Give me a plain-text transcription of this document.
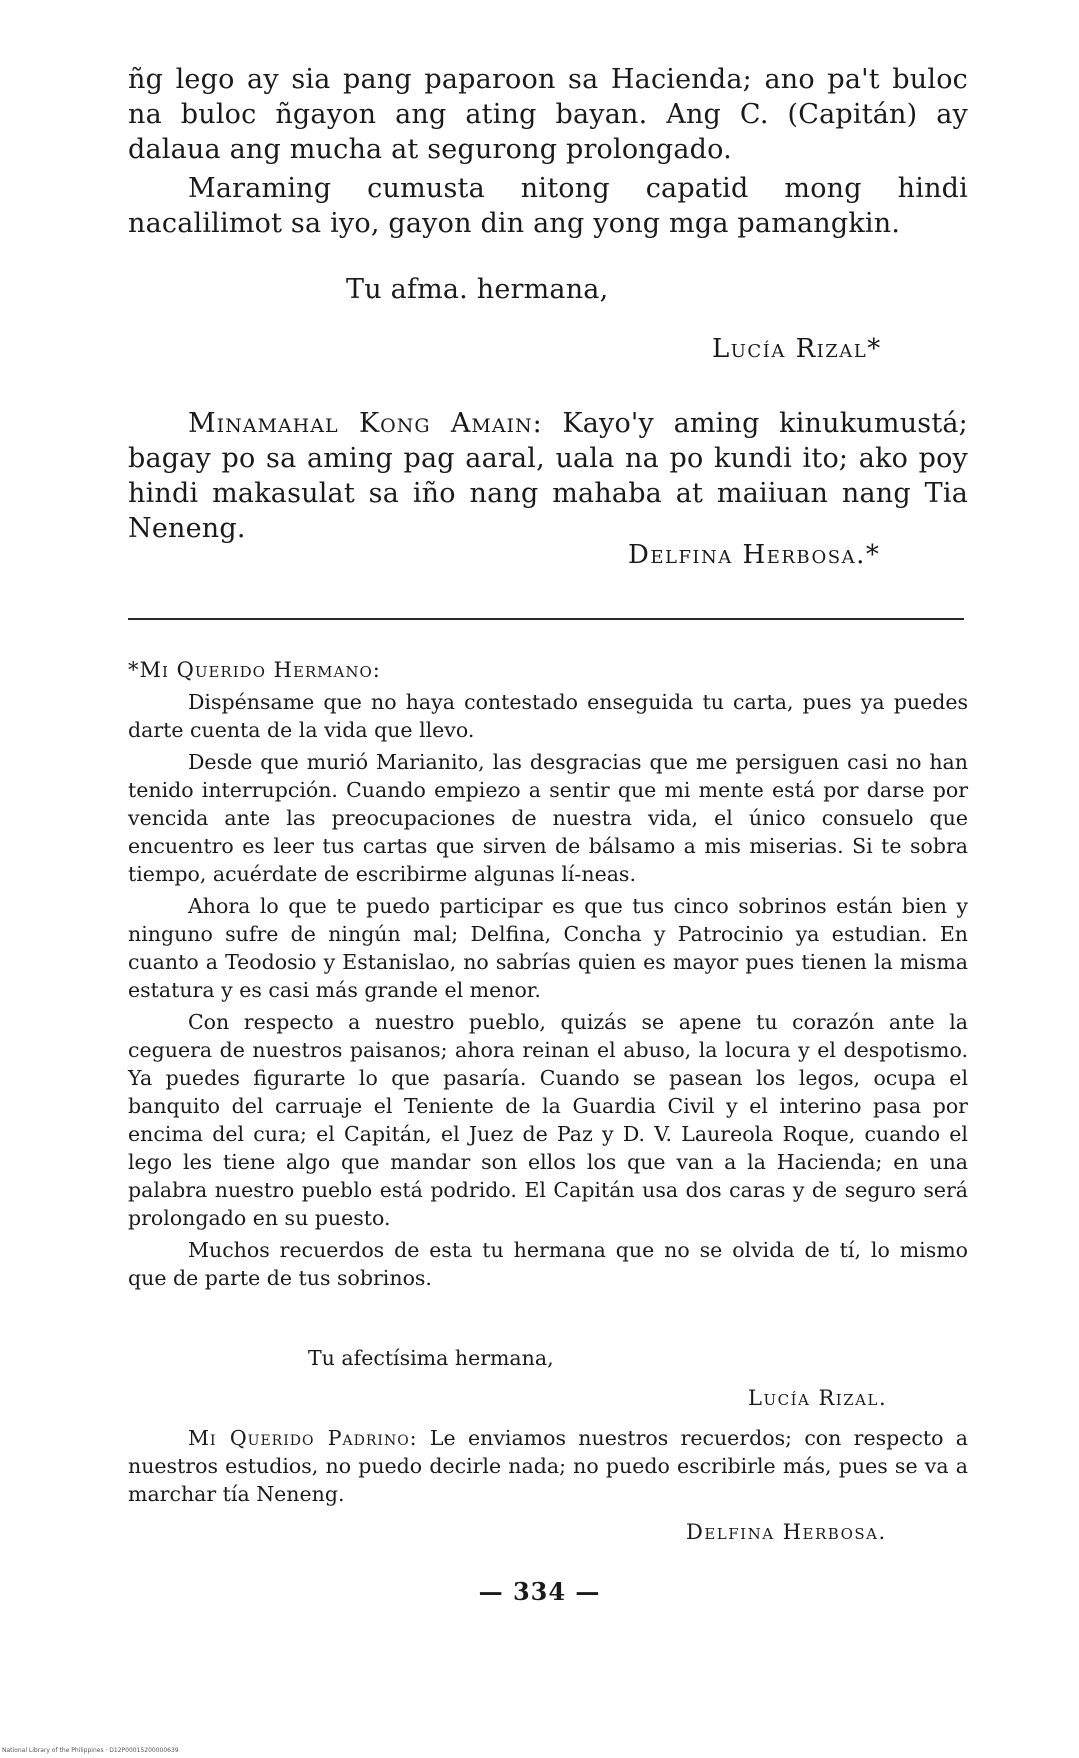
ñg lego ay sia pang paparoon sa Hacienda; ano pa't buloc na buloc ñgayon ang ating bayan. Ang C. (Capitán) ay dalaua ang mucha at segurong prolongado.

Maraming cumusta nitong capatid mong hindi nacalilimot sa iyo, gayon din ang yong mga pamangkin.

Tu afma. hermana,
Lucía Rizal*

Minamahal Kong Amain: Kayo'y aming kinukumustá; bagay po sa aming pag aaral, uala na po kundi ito; ako poy hindi makasulat sa iño nang mahaba at maiiuan nang Tia Neneng.

Delfina Herbosa.*

*Mi Querido Hermano:

Dispénsame que no haya contestado enseguida tu carta, pues ya puedes darte cuenta de la vida que llevo.

Desde que murió Marianito, las desgracias que me persiguen casi no han tenido interrupción. Cuando empiezo a sentir que mi mente está por darse por vencida ante las preocupaciones de nuestra vida, el único consuelo que encuentro es leer tus cartas que sirven de bálsamo a mis miserias. Si te sobra tiempo, acuérdate de escribirme algunas lí-neas.

Ahora lo que te puedo participar es que tus cinco sobrinos están bien y ninguno sufre de ningún mal; Delfina, Concha y Patrocinio ya estudian. En cuanto a Teodosio y Estanislao, no sabrías quien es mayor pues tienen la misma estatura y es casi más grande el menor.

Con respecto a nuestro pueblo, quizás se apene tu corazón ante la ceguera de nuestros paisanos; ahora reinan el abuso, la locura y el despotismo. Ya puedes figurarte lo que pasaría. Cuando se pasean los legos, ocupa el banquito del carruaje el Teniente de la Guardia Civil y el interino pasa por encima del cura; el Capitán, el Juez de Paz y D. V. Laureola Roque, cuando el lego les tiene algo que mandar son ellos los que van a la Hacienda; en una palabra nuestro pueblo está podrido. El Capitán usa dos caras y de seguro será prolongado en su puesto.

Muchos recuerdos de esta tu hermana que no se olvida de tí, lo mismo que de parte de tus sobrinos.

Tu afectísima hermana,
Lucía Rizal.

Mi Querido Padrino: Le enviamos nuestros recuerdos; con respecto a nuestros estudios, no puedo decirle nada; no puedo escribirle más, pues se va a marchar tía Neneng.

Delfina Herbosa.
— 334 —
National Library of the Philippines · D12P00015200000639
